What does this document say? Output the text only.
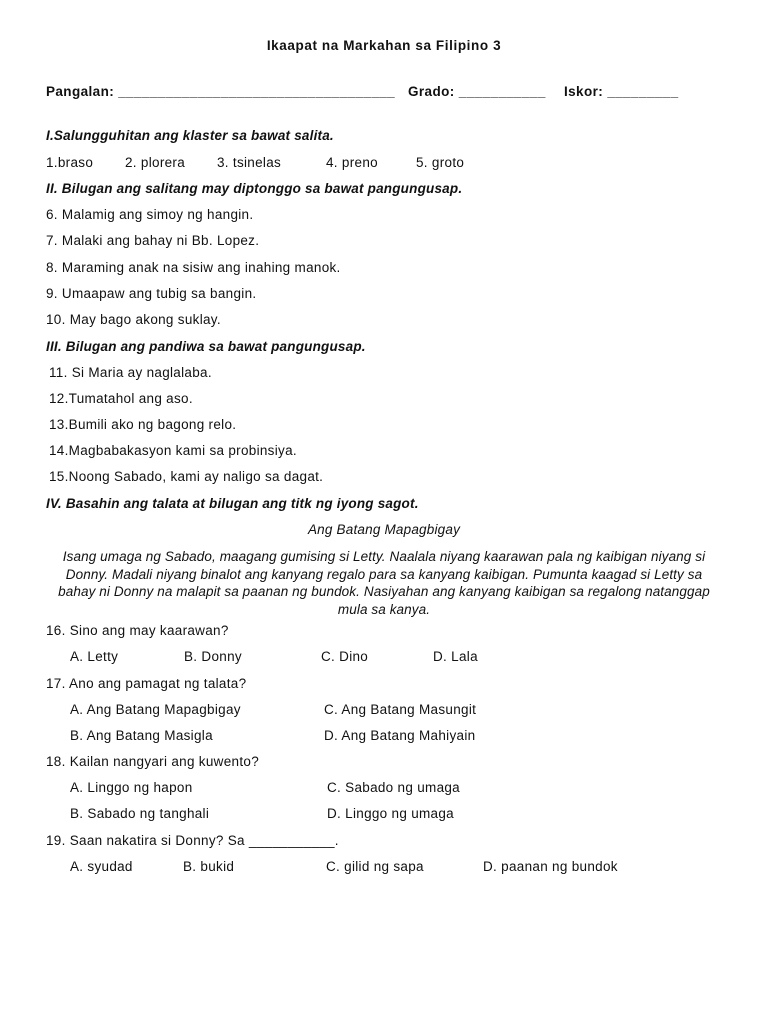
Ikaapat na Markahan sa Filipino 3
Pangalan: ___________________________________ Grado: ___________ Iskor: _________
I.Salungguhitan ang klaster sa bawat salita.
1.braso 2. plorera 3. tsinelas	4. preno	5. groto
II. Bilugan ang salitang may diptonggo sa bawat pangungusap.
6. Malamig ang simoy ng hangin.
7. Malaki ang bahay ni Bb. Lopez.
8. Maraming anak na sisiw ang inahing manok.
9. Umaapaw ang tubig sa bangin.
10. May bago akong suklay.
III. Bilugan ang pandiwa sa bawat pangungusap.
11. Si Maria ay naglalaba.
12.Tumatahol ang aso.
13.Bumili ako ng bagong relo.
14.Magbabakasyon kami sa probinsiya.
15.Noong Sabado, kami ay naligo sa dagat.
IV. Basahin ang talata at bilugan ang titk ng iyong sagot.
Ang Batang Mapagbigay
Isang umaga ng Sabado, maagang gumising si Letty. Naalala niyang kaarawan pala ng kaibigan niyang si Donny. Madali niyang binalot ang kanyang regalo para sa kanyang kaibigan. Pumunta kaagad si Letty sa bahay ni Donny na malapit sa paanan ng bundok. Nasiyahan ang kanyang kaibigan sa regalong natanggap mula sa kanya.
16. Sino ang may kaarawan?
A. Letty	B. Donny	C. Dino	D. Lala
17. Ano ang pamagat ng talata?
A. Ang Batang Mapagbigay	C. Ang Batang Masungit
B. Ang Batang Masigla	D. Ang Batang Mahiyain
18. Kailan nangyari ang kuwento?
A. Linggo ng hapon	C. Sabado ng umaga
B. Sabado ng tanghali	D. Linggo ng umaga
19. Saan nakatira si Donny? Sa ___________.
A. syudad	B. bukid	C. gilid ng sapa	D. paanan ng bundok
